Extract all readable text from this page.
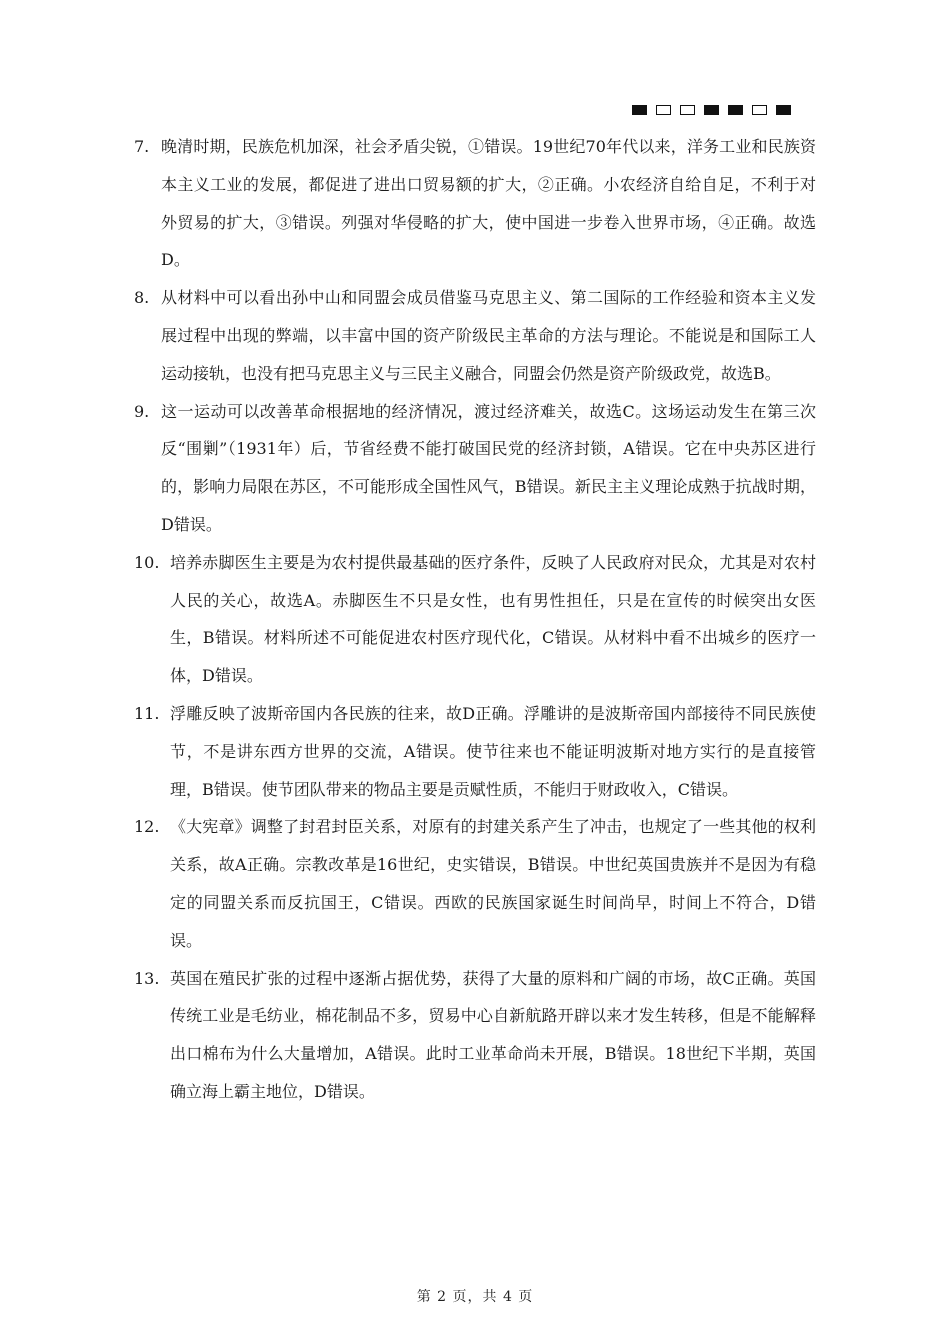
7. 晚清时期，民族危机加深，社会矛盾尖锐，①错误。19世纪70年代以来，洋务工业和民族资本主义工业的发展，都促进了进出口贸易额的扩大，②正确。小农经济自给自足，不利于对外贸易的扩大，③错误。列强对华侵略的扩大，使中国进一步卷入世界市场，④正确。故选D。
8. 从材料中可以看出孙中山和同盟会成员借鉴马克思主义、第二国际的工作经验和资本主义发展过程中出现的弊端，以丰富中国的资产阶级民主革命的方法与理论。不能说是和国际工人运动接轨，也没有把马克思主义与三民主义融合，同盟会仍然是资产阶级政党，故选B。
9. 这一运动可以改善革命根据地的经济情况，渡过经济难关，故选C。这场运动发生在第三次反“围剿”（1931年）后，节省经费不能打破国民党的经济封锁，A错误。它在中央苏区进行的，影响力局限在苏区，不可能形成全国性风气，B错误。新民主主义理论成熟于抗战时期，D错误。
10. 培养赤脚医生主要是为农村提供最基础的医疗条件，反映了人民政府对民众，尤其是对农村人民的关心，故选A。赤脚医生不只是女性，也有男性担任，只是在宣传的时候突出女医生，B错误。材料所述不可能促进农村医疗现代化，C错误。从材料中看不出城乡的医疗一体，D错误。
11. 浮雕反映了波斯帝国内各民族的往来，故D正确。浮雕讲的是波斯帝国内部接待不同民族使节，不是讲东西方世界的交流，A错误。使节往来也不能证明波斯对地方实行的是直接管理，B错误。使节团队带来的物品主要是贡赋性质，不能归于财政收入，C错误。
12. 《大宪章》调整了封君封臣关系，对原有的封建关系产生了冲击，也规定了一些其他的权利关系，故A正确。宗教改革是16世纪，史实错误，B错误。中世纪英国贵族并不是因为有稳定的同盟关系而反抗国王，C错误。西欧的民族国家诞生时间尚早，时间上不符合，D错误。
13. 英国在殖民扩张的过程中逐渐占据优势，获得了大量的原料和广阔的市场，故C正确。英国传统工业是毛纺业，棉花制品不多，贸易中心自新航路开辟以来才发生转移，但是不能解释出口棉布为什么大量增加，A错误。此时工业革命尚未开展，B错误。18世纪下半期，英国确立海上霸主地位，D错误。
第 2 页，共 4 页
